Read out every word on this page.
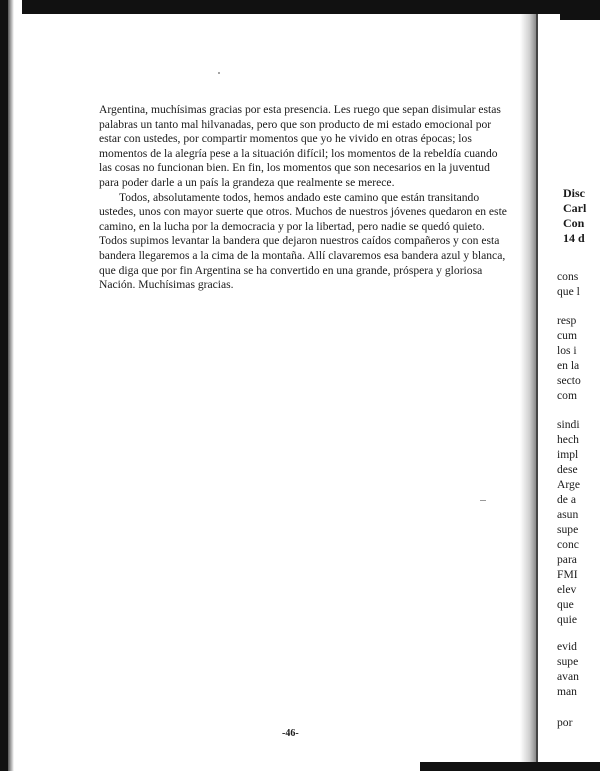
Argentina, muchísimas gracias por esta presencia. Les ruego que sepan disimular estas palabras un tanto mal hilvanadas, pero que son producto de mi estado emocional por estar con ustedes, por compartir momentos que yo he vivido en otras épocas; los momentos de la alegría pese a la situación difícil; los momentos de la rebeldía cuando las cosas no funcionan bien. En fin, los momentos que son necesarios en la juventud para poder darle a un país la grandeza que realmente se merece.

Todos, absolutamente todos, hemos andado este camino que están transitando ustedes, unos con mayor suerte que otros. Muchos de nuestros jóvenes quedaron en este camino, en la lucha por la democracia y por la libertad, pero nadie se quedó quieto. Todos supimos levantar la bandera que dejaron nuestros caídos compañeros y con esta bandera llegaremos a la cima de la montaña. Allí clavaremos esa bandera azul y blanca, que diga que por fin Argentina se ha convertido en una grande, próspera y gloriosa Nación. Muchísimas gracias.

-46-
Disc
Carl
Con
14 d
cons
que l
resp
cum
los i
en la
secto
com
sindi
hech
impl
dese
Arge
de a
asun
supe
conc
para
FMI
elev
que
quie
evid
supe
avan
man
por
